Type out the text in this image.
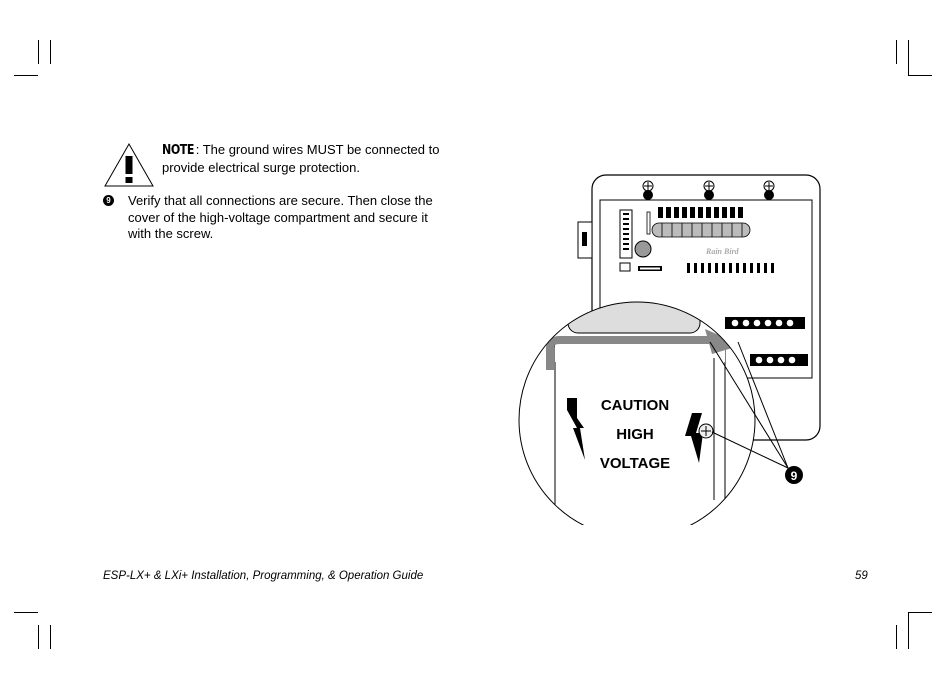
NOTE : The ground wires MUST be connected to provide electrical surge protection.
9 Verify that all connections are secure. Then close the cover of the high-voltage compartment and secure it with the screw.
Rain Bird
CAUTION
HIGH
VOLTAGE
9
ESP-LX+ & LXi+ Installation, Programming, & Operation Guide	59
